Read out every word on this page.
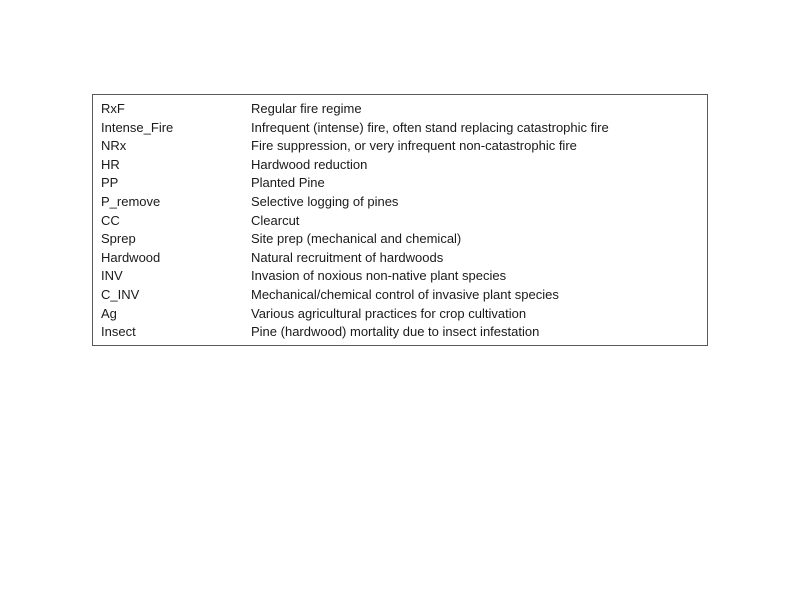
RxF	Regular fire regime
Intense_Fire	Infrequent (intense) fire, often stand replacing catastrophic fire
NRx	Fire suppression, or very infrequent non-catastrophic fire
HR	Hardwood reduction
PP	Planted Pine
P_remove	Selective logging of pines
CC	Clearcut
Sprep	Site prep (mechanical and chemical)
Hardwood	Natural recruitment of hardwoods
INV	Invasion of noxious non-native plant species
C_INV	Mechanical/chemical control of invasive plant species
Ag	Various agricultural practices for crop cultivation
Insect	Pine (hardwood) mortality due to insect infestation
